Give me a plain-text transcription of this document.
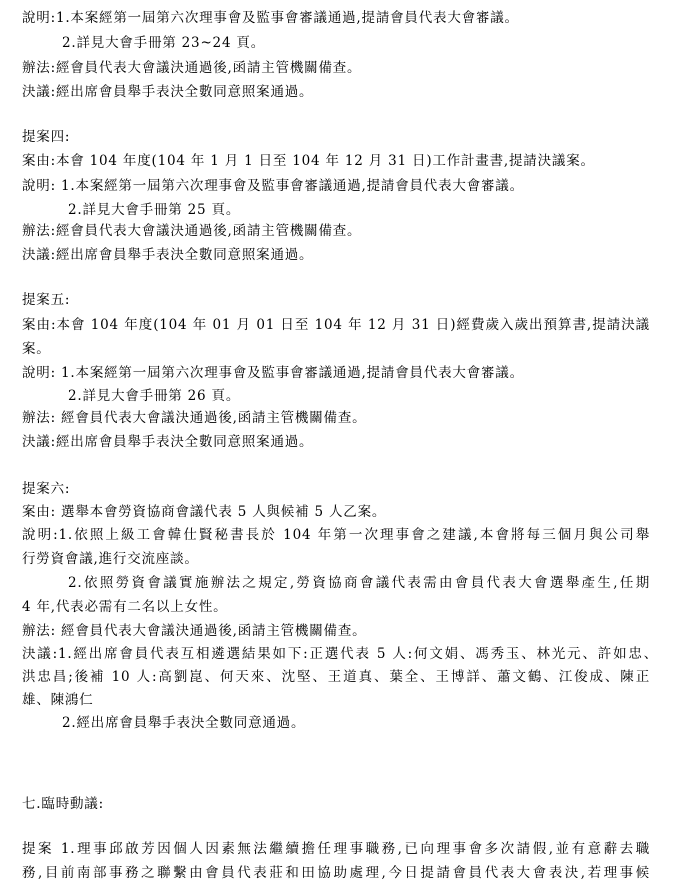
說明:1.本案經第一屆第六次理事會及監事會審議通過,提請會員代表大會審議。
2.詳見大會手冊第 23~24 頁。
辦法:經會員代表大會議決通過後,函請主管機關備查。
決議:經出席會員舉手表決全數同意照案通過。
提案四:
案由:本會 104 年度(104 年 1 月 1 日至 104 年 12 月 31 日)工作計畫書,提請決議案。
說明: 1.本案經第一屆第六次理事會及監事會審議通過,提請會員代表大會審議。
2.詳見大會手冊第 25 頁。
辦法:經會員代表大會議決通過後,函請主管機關備查。
決議:經出席會員舉手表決全數同意照案通過。
提案五:
案由:本會 104 年度(104 年 01 月 01 日至 104 年 12 月 31 日)經費歲入歲出預算書,提請決議
案。
說明: 1.本案經第一屆第六次理事會及監事會審議通過,提請會員代表大會審議。
2.詳見大會手冊第 26 頁。
辦法: 經會員代表大會議決通過後,函請主管機關備查。
決議:經出席會員舉手表決全數同意照案通過。
提案六:
案由: 選舉本會勞資協商會議代表 5 人與候補 5 人乙案。
說明:1.依照上級工會韓仕賢秘書長於 104 年第一次理事會之建議,本會將每三個月與公司舉
行勞資會議,進行交流座談。
2.依照勞資會議實施辦法之規定,勞資協商會議代表需由會員代表大會選舉產生,任期
4 年,代表必需有二名以上女性。
辦法: 經會員代表大會議決通過後,函請主管機關備查。
決議:1.經出席會員代表互相遴選結果如下:正選代表 5 人:何文娟、馮秀玉、林光元、許如忠、
洪忠昌;後補 10 人:高劉崑、何天來、沈堅、王道真、葉全、王博詳、蕭文鶴、江俊成、陳正
雄、陳鴻仁
2.經出席會員舉手表決全數同意通過。
七.臨時動議:
提案 1.理事邱啟芳因個人因素無法繼續擔任理事職務,已向理事會多次請假,並有意辭去職
務,目前南部事務之聯繫由會員代表莊和田協助處理,今日提請會員代表大會表決,若理事候
